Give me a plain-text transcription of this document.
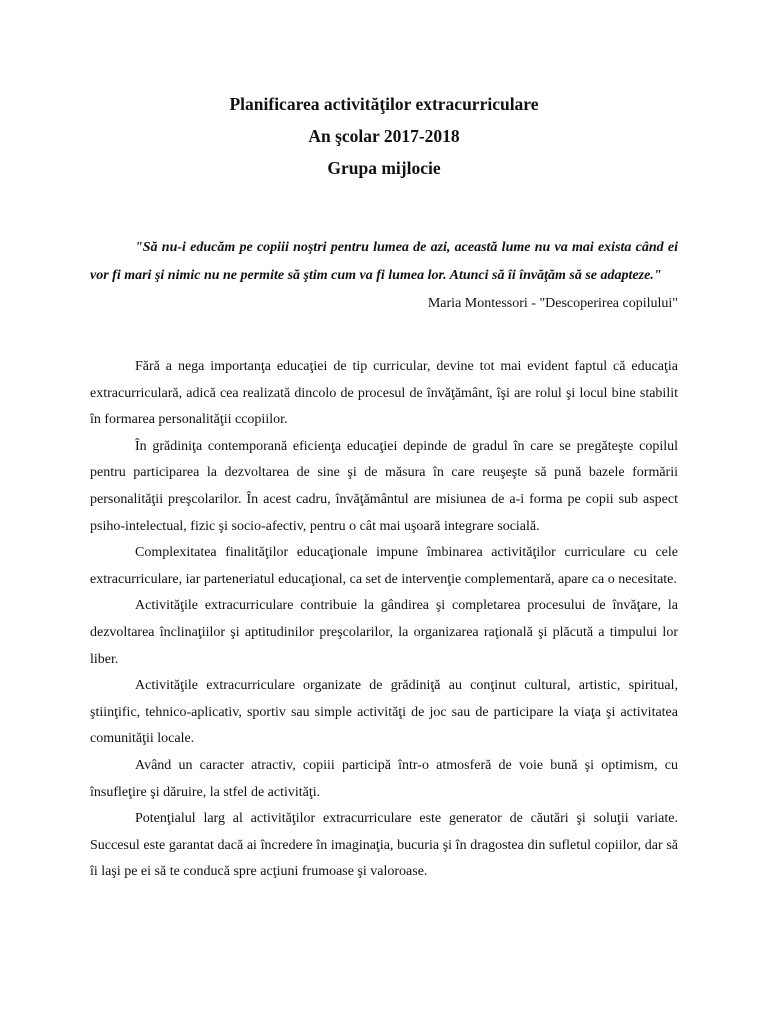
Planificarea activităţilor extracurriculare
An şcolar 2017-2018
Grupa mijlocie

"Să nu-i educăm pe copiii noştri pentru lumea de azi, această lume nu va mai exista când ei vor fi mari şi nimic nu ne permite să ştim cum va fi lumea lor. Atunci să îi învăţăm să se adapteze."

Maria Montessori - "Descoperirea copilului"

Fără a nega importanţa educaţiei de tip curricular, devine tot mai evident faptul că educaţia extracurriculară, adică cea realizată dincolo de procesul de învăţământ, îşi are rolul şi locul bine stabilit în formarea personalităţii ccopiilor.

În grădiniţa contemporană eficienţa educaţiei depinde de gradul în care se pregăteşte copilul pentru participarea la dezvoltarea de sine şi de măsura în care reuşeşte să pună bazele formării personalităţii preşcolarilor. În acest cadru, învăţământul are misiunea de a-i forma pe copii sub aspect psiho-intelectual, fizic şi socio-afectiv, pentru o cât mai uşoară integrare socială.

Complexitatea finalităţilor educaţionale impune îmbinarea activităţilor curriculare cu cele extracurriculare, iar parteneriatul educaţional, ca set de intervenţie complementară, apare ca o necesitate.

Activităţile extracurriculare contribuie la gândirea şi completarea procesului de învăţare, la dezvoltarea înclinaţiilor şi aptitudinilor preşcolarilor, la organizarea raţională şi plăcută a timpului lor liber.

Activităţile extracurriculare organizate de grădiniţă au conţinut cultural, artistic, spiritual, ştiinţific, tehnico-aplicativ, sportiv sau simple activităţi de joc sau de participare la viaţa şi activitatea comunităţii locale.

Având un caracter atractiv, copiii participă într-o atmosferă de voie bună şi optimism, cu însufleţire şi dăruire, la stfel de activităţi.

Potenţialul larg al activităţilor extracurriculare este generator de căutări şi soluţii variate. Succesul este garantat dacă ai încredere în imaginaţia, bucuria şi în dragostea din sufletul copiilor, dar să îi laşi pe ei să te conducă spre acţiuni frumoase şi valoroase.
